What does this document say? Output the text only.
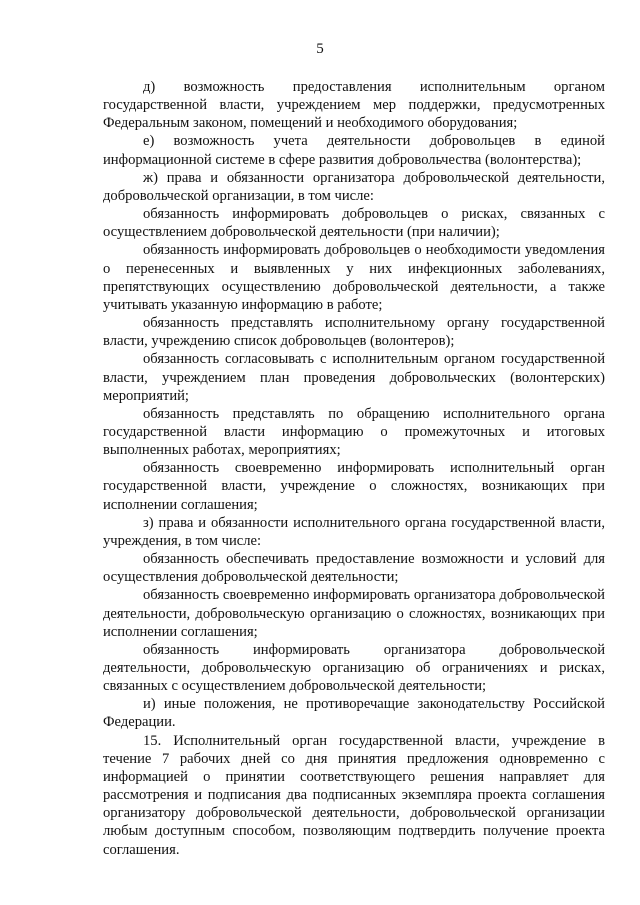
5

д) возможность предоставления исполнительным органом государственной власти, учреждением мер поддержки, предусмотренных Федеральным законом, помещений и необходимого оборудования;

е) возможность учета деятельности добровольцев в единой информационной системе в сфере развития добровольчества (волонтерства);

ж) права и обязанности организатора добровольческой деятельности, добровольческой организации, в том числе:

обязанность информировать добровольцев о рисках, связанных с осуществлением добровольческой деятельности (при наличии);

обязанность информировать добровольцев о необходимости уведомления о перенесенных и выявленных у них инфекционных заболеваниях, препятствующих осуществлению добровольческой деятельности, а также учитывать указанную информацию в работе;

обязанность представлять исполнительному органу государственной власти, учреждению список добровольцев (волонтеров);

обязанность согласовывать с исполнительным органом государственной власти, учреждением план проведения добровольческих (волонтерских) мероприятий;

обязанность представлять по обращению исполнительного органа государственной власти информацию о промежуточных и итоговых выполненных работах, мероприятиях;

обязанность своевременно информировать исполнительный орган государственной власти, учреждение о сложностях, возникающих при исполнении соглашения;

з) права и обязанности исполнительного органа государственной власти, учреждения, в том числе:

обязанность обеспечивать предоставление возможности и условий для осуществления добровольческой деятельности;

обязанность своевременно информировать организатора добровольческой деятельности, добровольческую организацию о сложностях, возникающих при исполнении соглашения;

обязанность информировать организатора добровольческой деятельности, добровольческую организацию об ограничениях и рисках, связанных с осуществлением добровольческой деятельности;

и) иные положения, не противоречащие законодательству Российской Федерации.

15. Исполнительный орган государственной власти, учреждение в течение 7 рабочих дней со дня принятия предложения одновременно с информацией о принятии соответствующего решения направляет для рассмотрения и подписания два подписанных экземпляра проекта соглашения организатору добровольческой деятельности, добровольческой организации любым доступным способом, позволяющим подтвердить получение проекта соглашения.
